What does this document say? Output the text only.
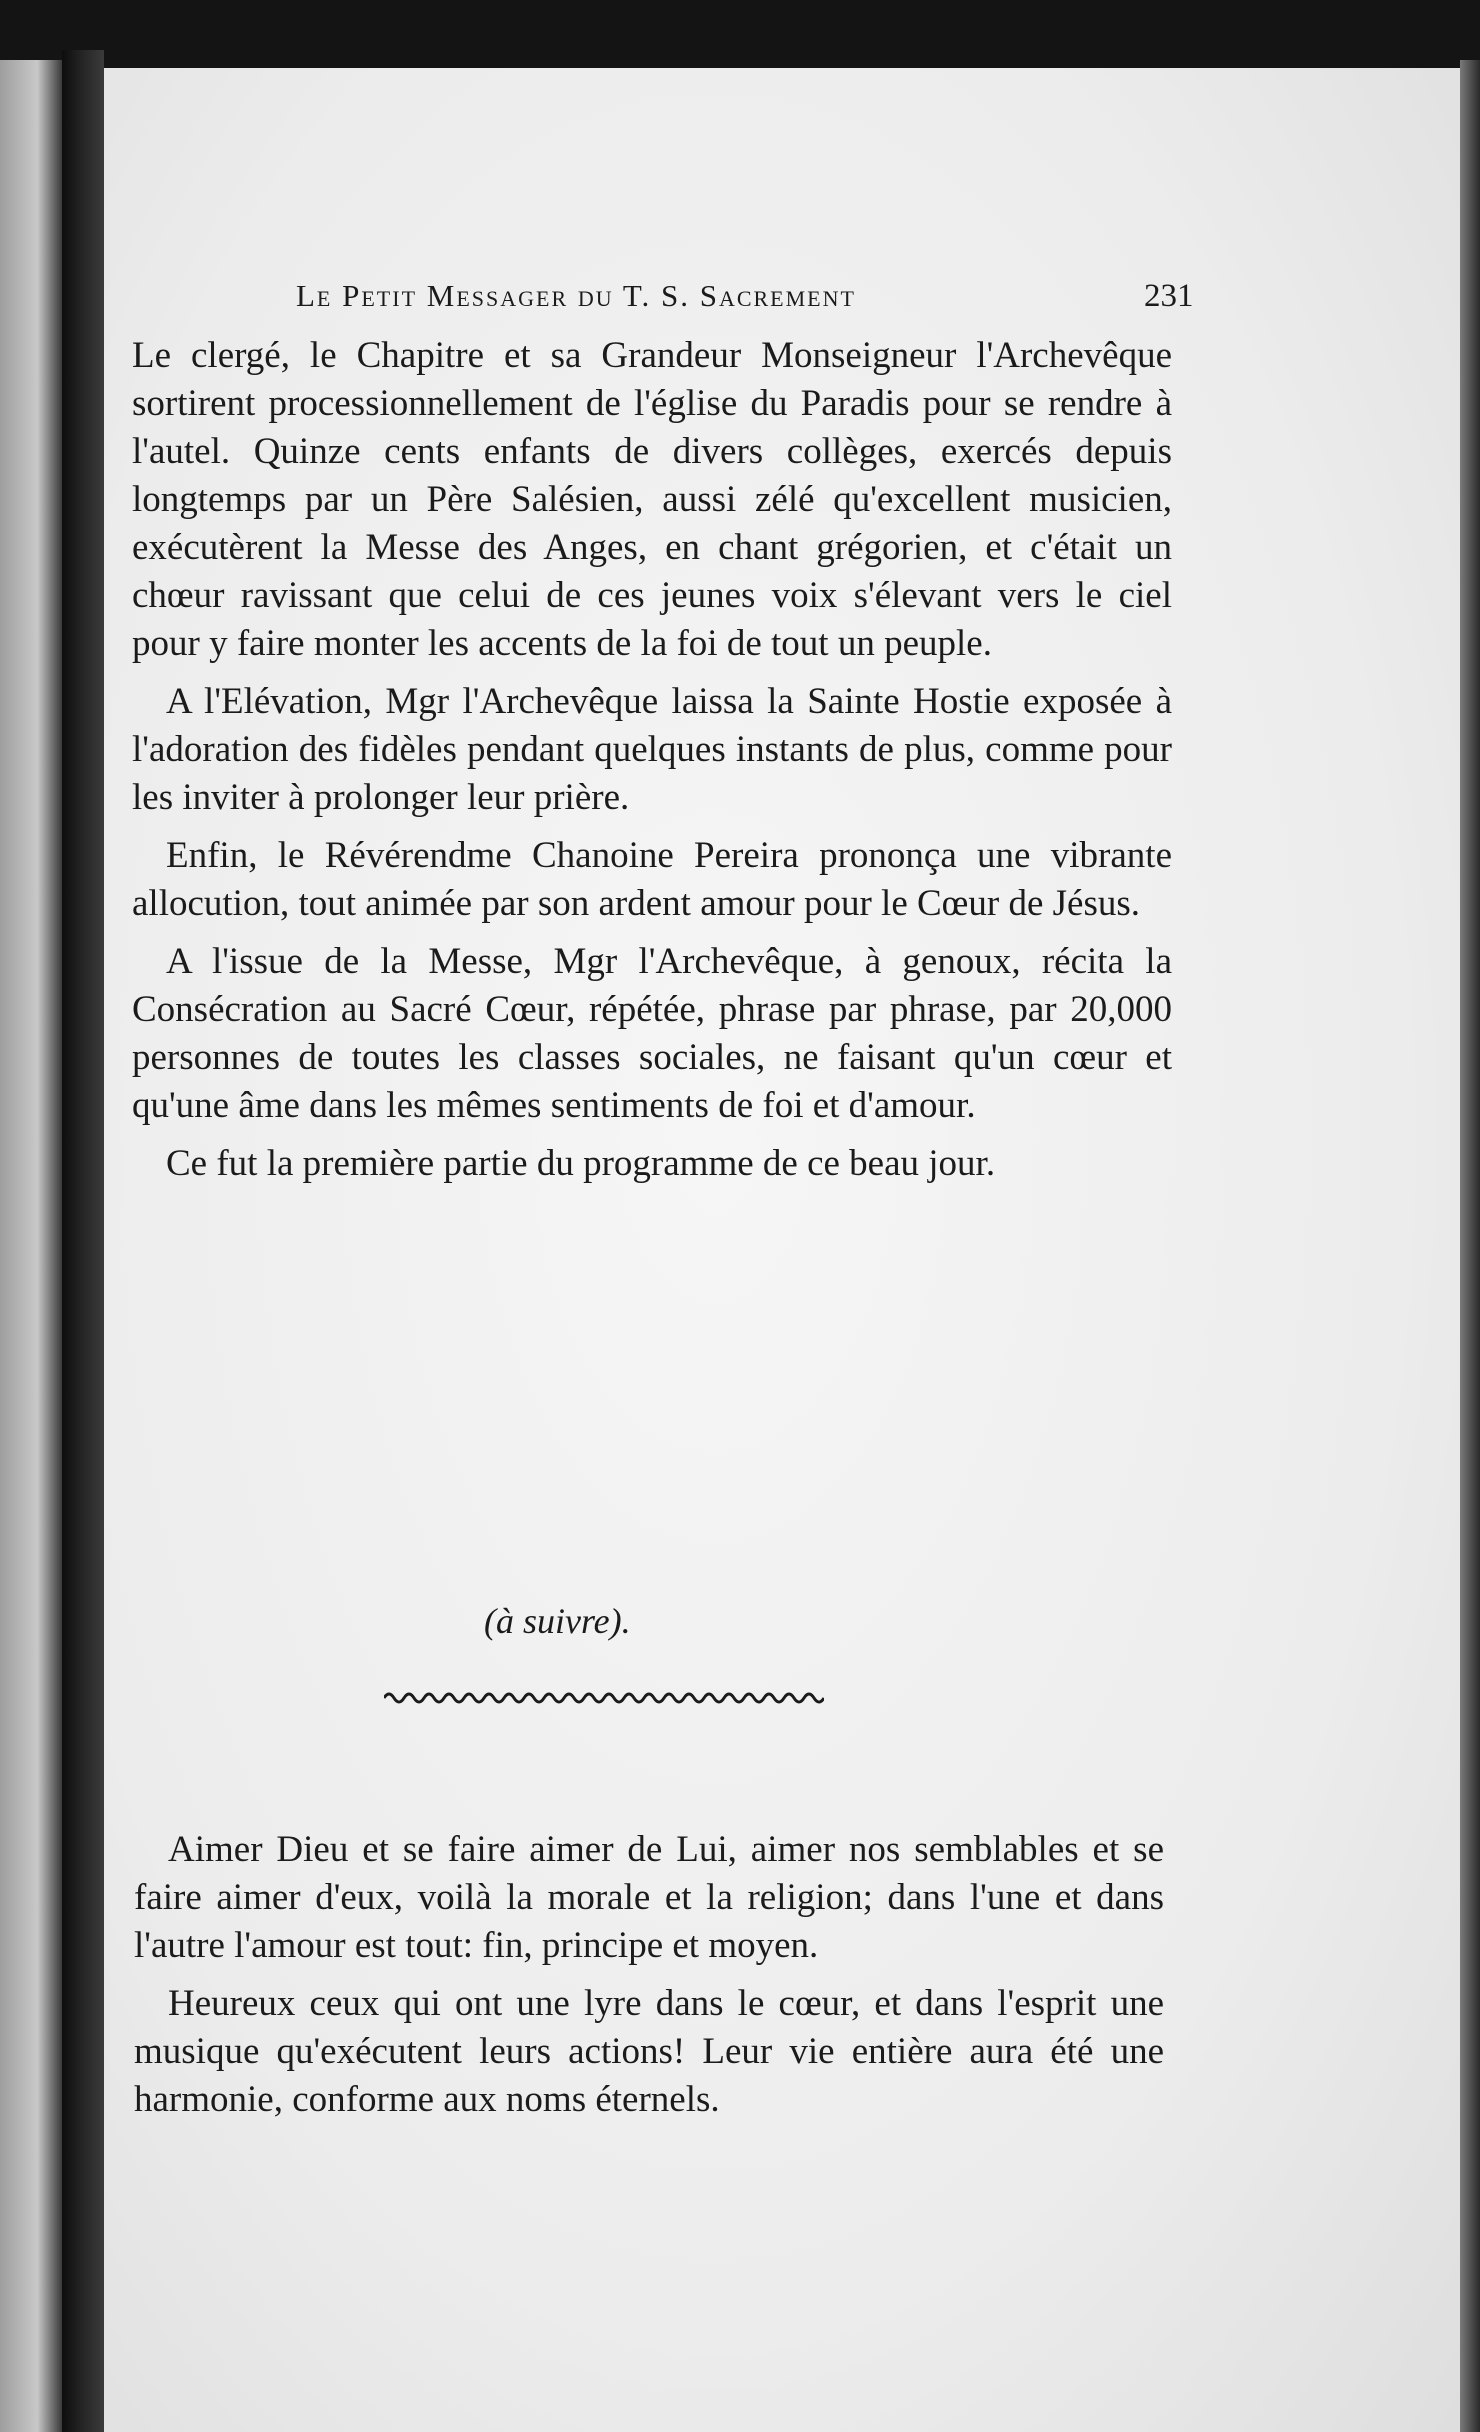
Le Petit Messager du T. S. Sacrement	231

Le clergé, le Chapitre et sa Grandeur Monseigneur l'Archevêque sortirent processionnellement de l'église du Paradis pour se rendre à l'autel. Quinze cents enfants de divers collèges, exercés depuis longtemps par un Père Salésien, aussi zélé qu'excellent musicien, exécutèrent la Messe des Anges, en chant grégorien, et c'était un chœur ravissant que celui de ces jeunes voix s'élevant vers le ciel pour y faire monter les accents de la foi de tout un peuple.

A l'Elévation, Mgr l'Archevêque laissa la Sainte Hostie exposée à l'adoration des fidèles pendant quelques instants de plus, comme pour les inviter à prolonger leur prière.

Enfin, le Révérendme Chanoine Pereira prononça une vibrante allocution, tout animée par son ardent amour pour le Cœur de Jésus.

A l'issue de la Messe, Mgr l'Archevêque, à genoux, récita la Consécration au Sacré Cœur, répétée, phrase par phrase, par 20,000 personnes de toutes les classes sociales, ne faisant qu'un cœur et qu'une âme dans les mêmes sentiments de foi et d'amour.

Ce fut la première partie du programme de ce beau jour.

(à suivre).

Aimer Dieu et se faire aimer de Lui, aimer nos semblables et se faire aimer d'eux, voilà la morale et la religion; dans l'une et dans l'autre l'amour est tout: fin, principe et moyen.

Heureux ceux qui ont une lyre dans le cœur, et dans l'esprit une musique qu'exécutent leurs actions! Leur vie entière aura été une harmonie, conforme aux noms éternels.
